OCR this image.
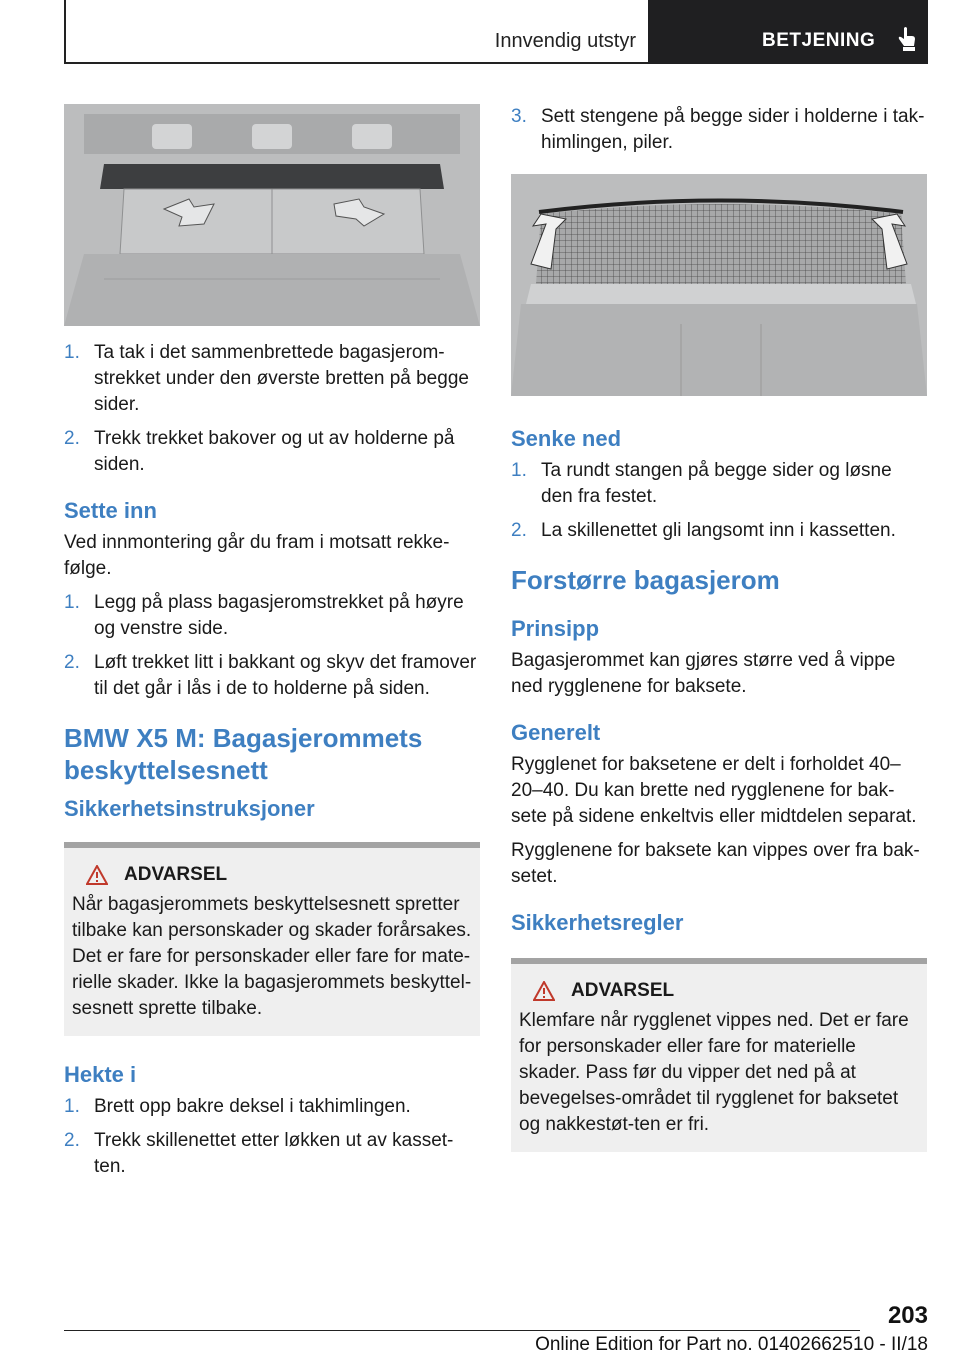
Innvendig utstyr	BETJENING
1. Ta tak i det sammenbrettede bagasjerom-strekket under den øverste bretten på begge sider.
2. Trekk trekket bakover og ut av holderne på siden.
Sette inn

Ved innmontering går du fram i motsatt rekke-følge.

1. Legg på plass bagasjeromstrekket på høyre og venstre side.
2. Løft trekket litt i bakkant og skyv det framover til det går i lås i de to holderne på siden.
BMW X5 M: Bagasjerommets beskyttelsesnett
Sikkerhetsinstruksjoner
ADVARSEL
Når bagasjerommets beskyttelsesnett spretter tilbake kan personskader og skader forårsakes. Det er fare for personskader eller fare for mate-rielle skader. Ikke la bagasjerommets beskyttel-sesnett sprette tilbake.
Hekte i
1. Brett opp bakre deksel i takhimlingen.
2. Trekk skillenettet etter løkken ut av kasset-ten.
3. Sett stengene på begge sider i holderne i tak-himlingen, piler.
Senke ned
1. Ta rundt stangen på begge sider og løsne den fra festet.
2. La skillenettet gli langsomt inn i kassetten.
Forstørre bagasjerom
Prinsipp

Bagasjerommet kan gjøres større ved å vippe ned rygglenene for baksete.

Generelt

Rygglenet for baksetene er delt i forholdet 40–20–40. Du kan brette ned rygglenene for bak-sete på sidene enkeltvis eller midtdelen separat.

Rygglenene for baksete kan vippes over fra bak-setet.

Sikkerhetsregler
ADVARSEL
Klemfare når rygglenet vippes ned. Det er fare for personskader eller fare for materielle skader. Pass før du vipper det ned på at bevegelses-området til rygglenet for baksetet og nakkestøt-ten er fri.
203
Online Edition for Part no. 01402662510 - II/18
